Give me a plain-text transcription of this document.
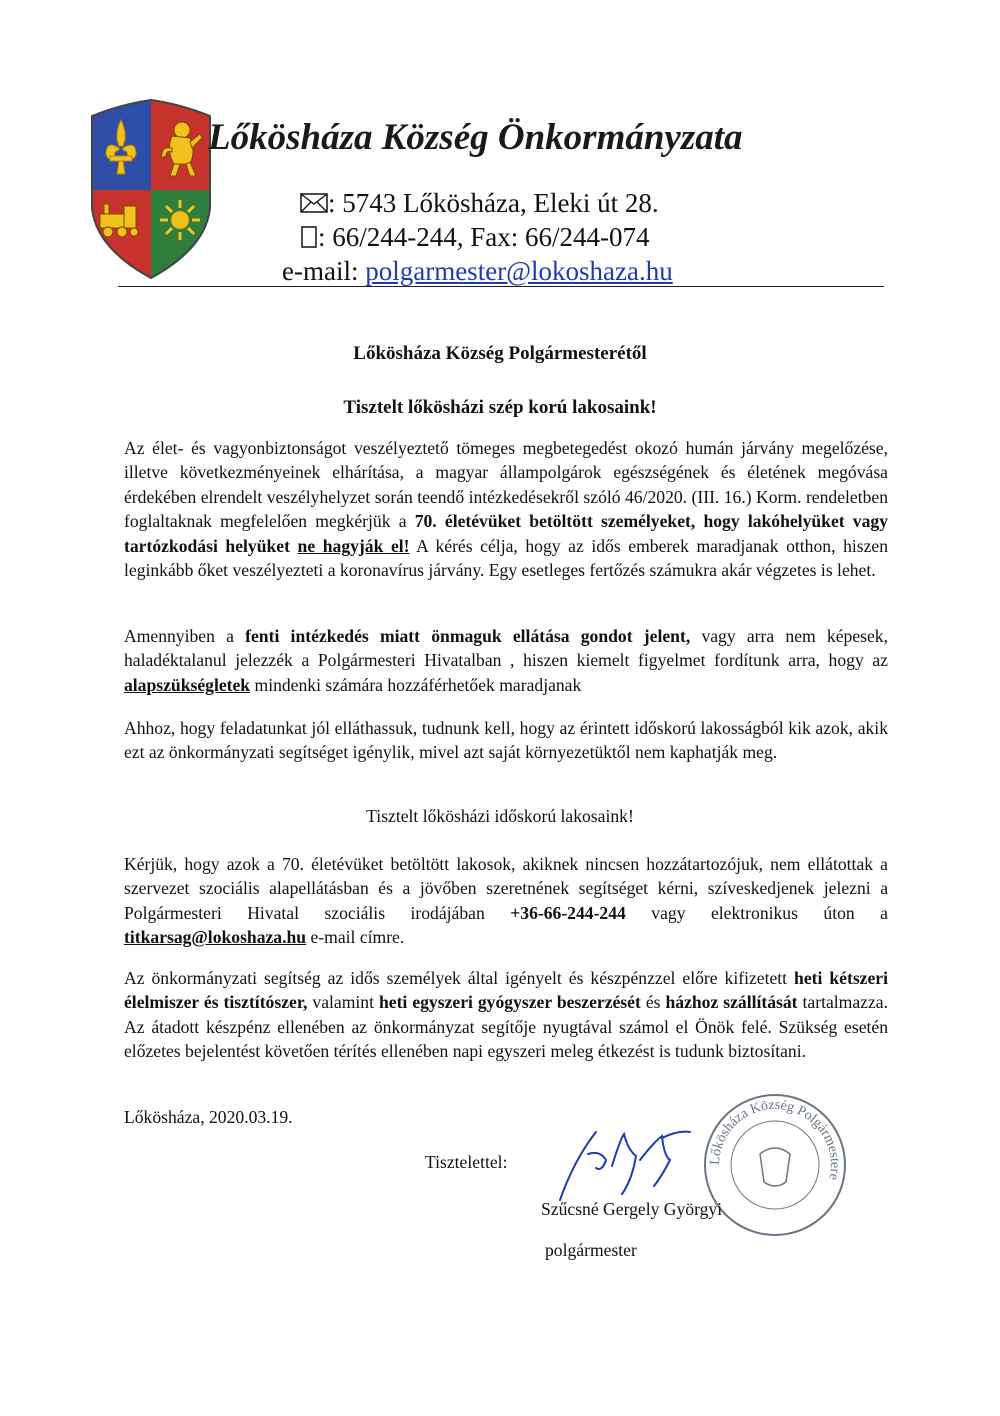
Lőkösháza Község Önkormányzata
: 5743 Lőkösháza, Eleki út 28.
: 66/244-244, Fax: 66/244-074
e-mail: polgarmester@lokoshaza.hu
Lőkösháza Község Polgármesterétől
Tisztelt lőkösházi szép korú lakosaink!

Az élet- és vagyonbiztonságot veszélyeztető tömeges megbetegedést okozó humán járvány megelőzése, illetve következményeinek elhárítása, a magyar állampolgárok egészségének és életének megóvása érdekében elrendelt veszélyhelyzet során teendő intézkedésekről szóló 46/2020. (III. 16.) Korm. rendeletben foglaltaknak megfelelően megkérjük a 70. életévüket betöltött személyeket, hogy lakóhelyüket vagy tartózkodási helyüket ne hagyják el! A kérés célja, hogy az idős emberek maradjanak otthon, hiszen leginkább őket veszélyezteti a koronavírus járvány. Egy esetleges fertőzés számukra akár végzetes is lehet.

Amennyiben a fenti intézkedés miatt önmaguk ellátása gondot jelent, vagy arra nem képesek, haladéktalanul jelezzék a Polgármesteri Hivatalban , hiszen kiemelt figyelmet fordítunk arra, hogy az alapszükségletek mindenki számára hozzáférhetőek maradjanak

Ahhoz, hogy feladatunkat jól elláthassuk, tudnunk kell, hogy az érintett időskorú lakosságból kik azok, akik ezt az önkormányzati segítséget igénylik, mivel azt saját környezetüktől nem kaphatják meg.

Tisztelt lőkösházi időskorú lakosaink!

Kérjük, hogy azok a 70. életévüket betöltött lakosok, akiknek nincsen hozzátartozójuk, nem ellátottak a szervezet szociális alapellátásban és a jövőben szeretnének segítséget kérni, szíveskedjenek jelezni a Polgármesteri Hivatal szociális irodájában +36-66-244-244 vagy elektronikus úton a titkarsag@lokoshaza.hu e-mail címre.

Az önkormányzati segítség az idős személyek által igényelt és készpénzzel előre kifizetett heti kétszeri élelmiszer és tisztítószer, valamint heti egyszeri gyógyszer beszerzését és házhoz szállítását tartalmazza. Az átadott készpénz ellenében az önkormányzat segítője nyugtával számol el Önök felé. Szükség esetén előzetes bejelentést követően térítés ellenében napi egyszeri meleg étkezést is tudunk biztosítani.

Lőkösháza, 2020.03.19.
Tisztelettel:	Lőkösháza Község Polgármestere
Szűcsné Gergely Györgyi
polgármester
